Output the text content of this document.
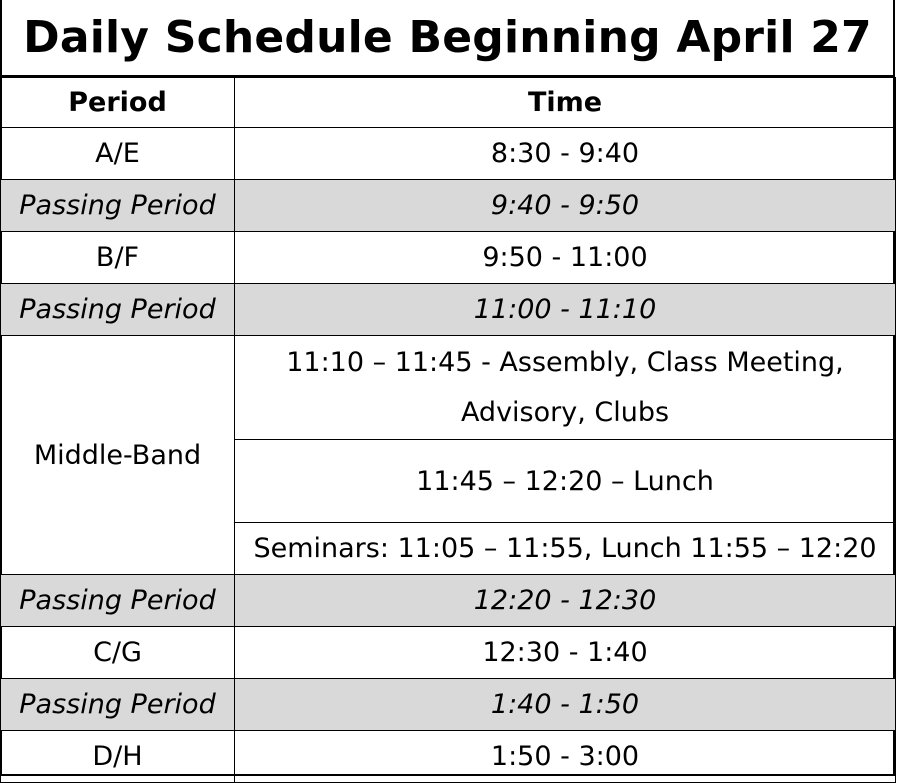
Daily Schedule Beginning April 27
Period	Time
A/E	8:30 - 9:40
Passing Period	9:40 - 9:50
B/F	9:50 - 11:00
Passing Period	11:00 - 11:10
Middle-Band	11:10 – 11:45 - Assembly, Class Meeting,
Advisory, Clubs

	11:45 – 12:20 – Lunch
	Seminars: 11:05 – 11:55, Lunch 11:55 – 12:20
Passing Period	12:20 - 12:30
C/G	12:30 - 1:40
Passing Period	1:40 - 1:50
D/H	1:50 - 3:00
